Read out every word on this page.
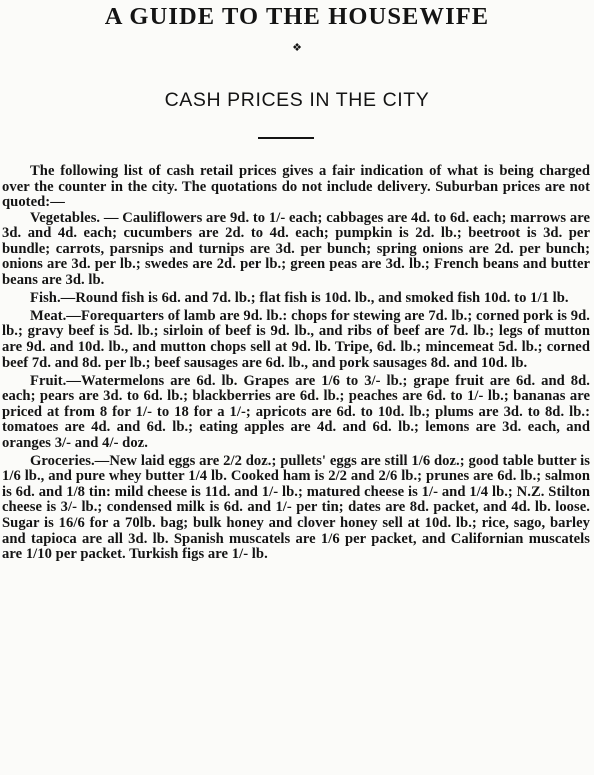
A GUIDE TO THE HOUSEWIFE
❖
CASH PRICES IN THE CITY

The following list of cash retail prices gives a fair indication of what is being charged over the counter in the city. The quotations do not include delivery. Suburban prices are not quoted:—

Vegetables. — Cauliflowers are 9d. to 1/- each; cabbages are 4d. to 6d. each; marrows are 3d. and 4d. each; cucumbers are 2d. to 4d. each; pumpkin is 2d. lb.; beetroot is 3d. per bundle; carrots, parsnips and turnips are 3d. per bunch; spring onions are 2d. per bunch; onions are 3d. per lb.; swedes are 2d. per lb.; green peas are 3d. lb.; French beans and butter beans are 3d. lb.

Fish.—Round fish is 6d. and 7d. lb.; flat fish is 10d. lb., and smoked fish 10d. to 1/1 lb.

Meat.—Forequarters of lamb are 9d. lb.: chops for stewing are 7d. lb.; corned pork is 9d. lb.; gravy beef is 5d. lb.; sirloin of beef is 9d. lb., and ribs of beef are 7d. lb.; legs of mutton are 9d. and 10d. lb., and mutton chops sell at 9d. lb. Tripe, 6d. lb.; mincemeat 5d. lb.; corned beef 7d. and 8d. per lb.; beef sausages are 6d. lb., and pork sausages 8d. and 10d. lb.

Fruit.—Watermelons are 6d. lb. Grapes are 1/6 to 3/- lb.; grape fruit are 6d. and 8d. each; pears are 3d. to 6d. lb.; blackberries are 6d. lb.; peaches are 6d. to 1/- lb.; bananas are priced at from 8 for 1/- to 18 for a 1/-; apricots are 6d. to 10d. lb.; plums are 3d. to 8d. lb.: tomatoes are 4d. and 6d. lb.; eating apples are 4d. and 6d. lb.; lemons are 3d. each, and oranges 3/- and 4/- doz.

Groceries.—New laid eggs are 2/2 doz.; pullets' eggs are still 1/6 doz.; good table butter is 1/6 lb., and pure whey butter 1/4 lb. Cooked ham is 2/2 and 2/6 lb.; prunes are 6d. lb.; salmon is 6d. and 1/8 tin: mild cheese is 11d. and 1/- lb.; matured cheese is 1/- and 1/4 lb.; N.Z. Stilton cheese is 3/- lb.; condensed milk is 6d. and 1/- per tin; dates are 8d. packet, and 4d. lb. loose. Sugar is 16/6 for a 70lb. bag; bulk honey and clover honey sell at 10d. lb.; rice, sago, barley and tapioca are all 3d. lb. Spanish muscatels are 1/6 per packet, and Californian muscatels are 1/10 per packet. Turkish figs are 1/- lb.
